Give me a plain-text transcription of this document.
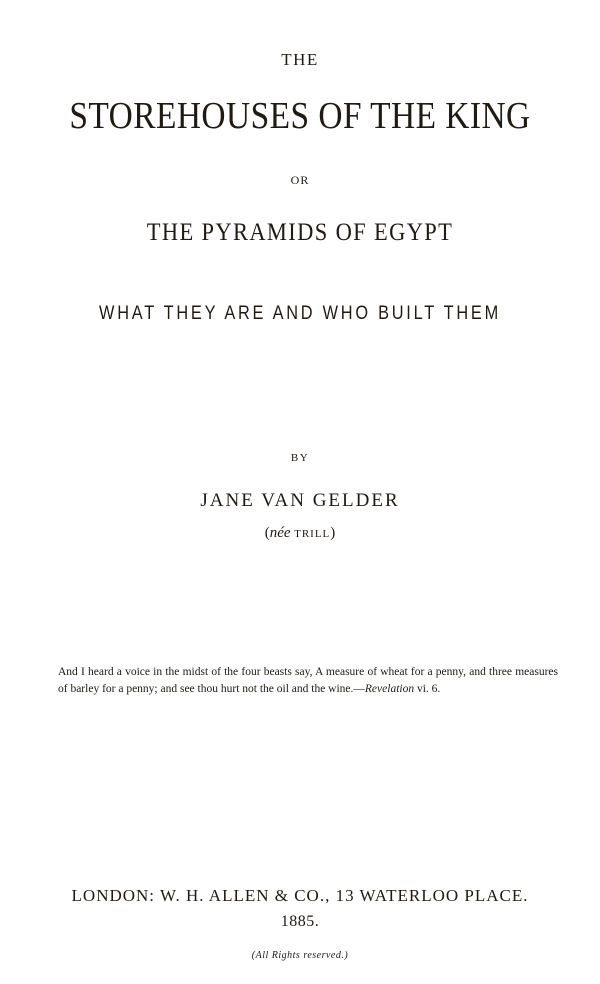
THE
STOREHOUSES OF THE KING
OR
THE PYRAMIDS OF EGYPT
WHAT THEY ARE AND WHO BUILT THEM
BY
JANE VAN GELDER
(née TRILL)
And I heard a voice in the midst of the four beasts say, A measure of wheat for a penny, and three measures of barley for a penny; and see thou hurt not the oil and the wine.—Revelation vi. 6.
LONDON: W. H. ALLEN & CO., 13 WATERLOO PLACE.
1885.
(All Rights reserved.)
